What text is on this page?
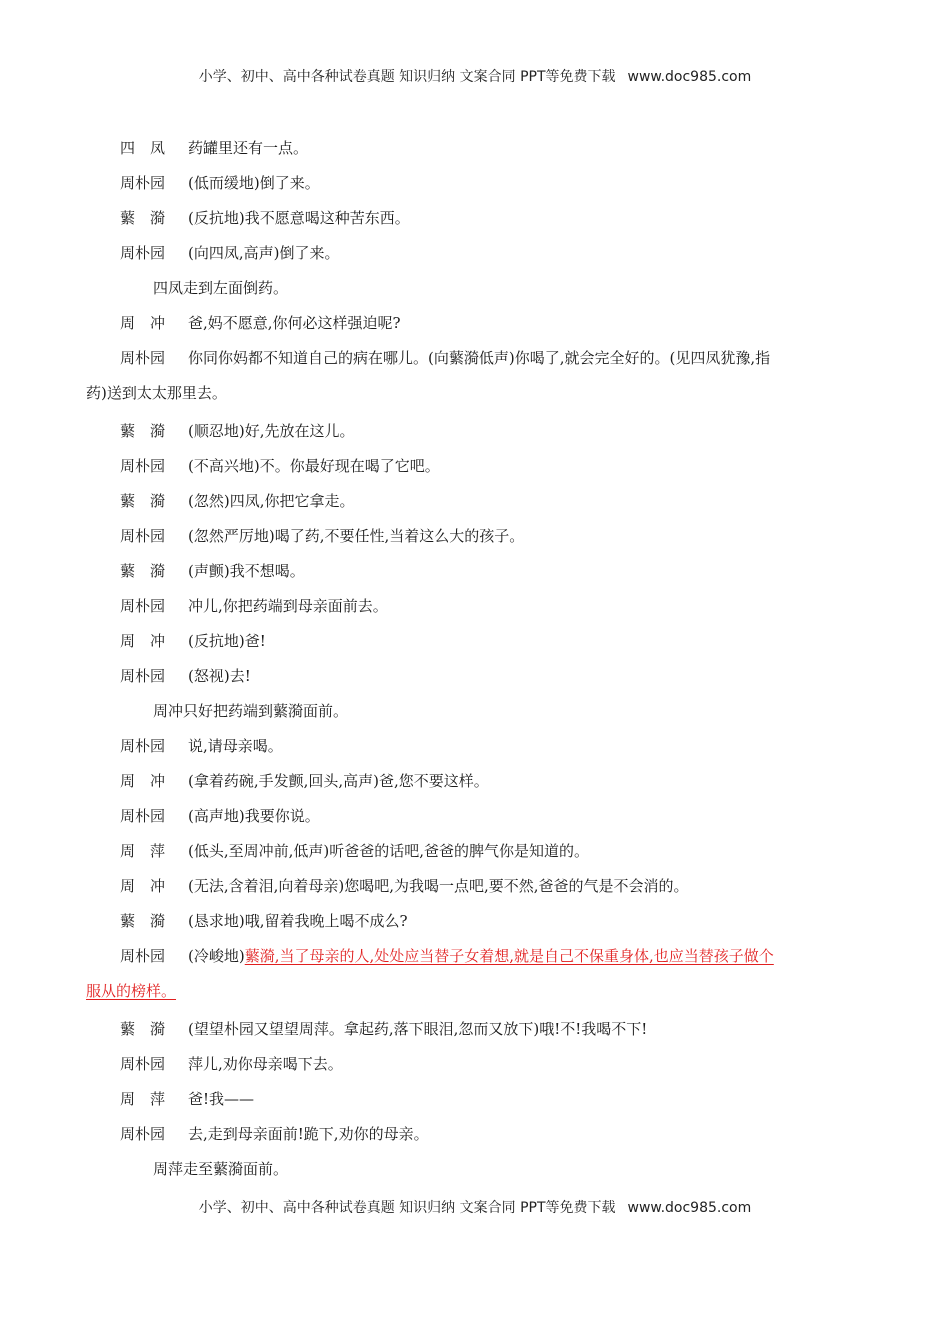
小学、初中、高中各种试卷真题 知识归纳 文案合同 PPT等免费下载 www.doc985.com
四　凤 药罐里还有一点。
周朴园 (低而缓地)倒了来。
蘩　漪 (反抗地)我不愿意喝这种苦东西。
周朴园 (向四凤,高声)倒了来。
四凤走到左面倒药。
周　冲 爸,妈不愿意,你何必这样强迫呢?
周朴园 你同你妈都不知道自己的病在哪儿。(向蘩漪低声)你喝了,就会完全好的。(见四凤犹豫,指
药)送到太太那里去。
蘩　漪 (顺忍地)好,先放在这儿。
周朴园 (不高兴地)不。你最好现在喝了它吧。
蘩　漪 (忽然)四凤,你把它拿走。
周朴园 (忽然严厉地)喝了药,不要任性,当着这么大的孩子。
蘩　漪 (声颤)我不想喝。
周朴园 冲儿,你把药端到母亲面前去。
周　冲 (反抗地)爸!
周朴园 (怒视)去!
周冲只好把药端到蘩漪面前。
周朴园 说,请母亲喝。
周　冲 (拿着药碗,手发颤,回头,高声)爸,您不要这样。
周朴园 (高声地)我要你说。
周　萍 (低头,至周冲前,低声)听爸爸的话吧,爸爸的脾气你是知道的。
周　冲 (无法,含着泪,向着母亲)您喝吧,为我喝一点吧,要不然,爸爸的气是不会消的。
蘩　漪 (恳求地)哦,留着我晚上喝不成么?
周朴园 (冷峻地)蘩漪,当了母亲的人,处处应当替子女着想,就是自己不保重身体,也应当替孩子做个
服从的榜样。
蘩　漪 (望望朴园又望望周萍。拿起药,落下眼泪,忽而又放下)哦!不!我喝不下!
周朴园 萍儿,劝你母亲喝下去。
周　萍 爸!我——
周朴园 去,走到母亲面前!跪下,劝你的母亲。
周萍走至蘩漪面前。
小学、初中、高中各种试卷真题 知识归纳 文案合同 PPT等免费下载 www.doc985.com
